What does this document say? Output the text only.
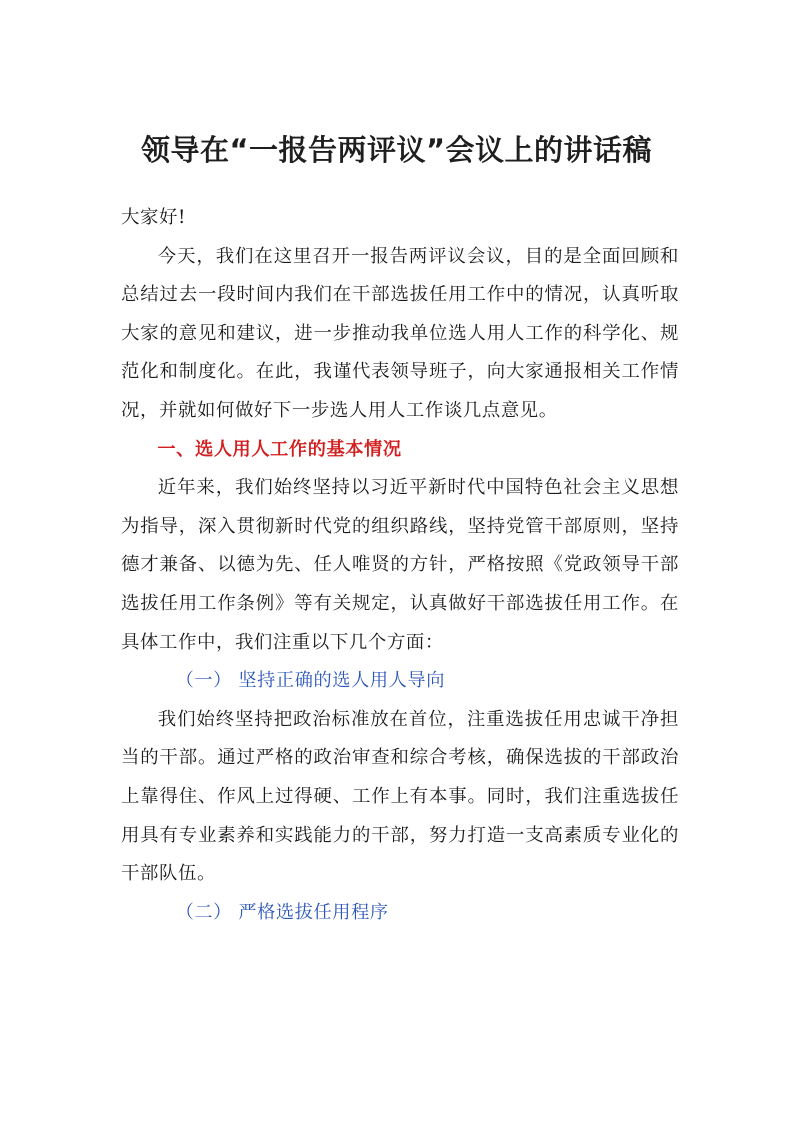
领导在“一报告两评议”会议上的讲话稿

大家好!

今天，我们在这里召开一报告两评议会议，目的是全面回顾和总结过去一段时间内我们在干部选拔任用工作中的情况，认真听取大家的意见和建议，进一步推动我单位选人用人工作的科学化、规范化和制度化。在此，我谨代表领导班子，向大家通报相关工作情况，并就如何做好下一步选人用人工作谈几点意见。

一、选人用人工作的基本情况

近年来，我们始终坚持以习近平新时代中国特色社会主义思想为指导，深入贯彻新时代党的组织路线，坚持党管干部原则，坚持德才兼备、以德为先、任人唯贤的方针，严格按照《党政领导干部选拔任用工作条例》等有关规定，认真做好干部选拔任用工作。在具体工作中，我们注重以下几个方面：

（一） 坚持正确的选人用人导向

我们始终坚持把政治标准放在首位，注重选拔任用忠诚干净担当的干部。通过严格的政治审查和综合考核，确保选拔的干部政治上靠得住、作风上过得硬、工作上有本事。同时，我们注重选拔任用具有专业素养和实践能力的干部，努力打造一支高素质专业化的干部队伍。

（二） 严格选拔任用程序
